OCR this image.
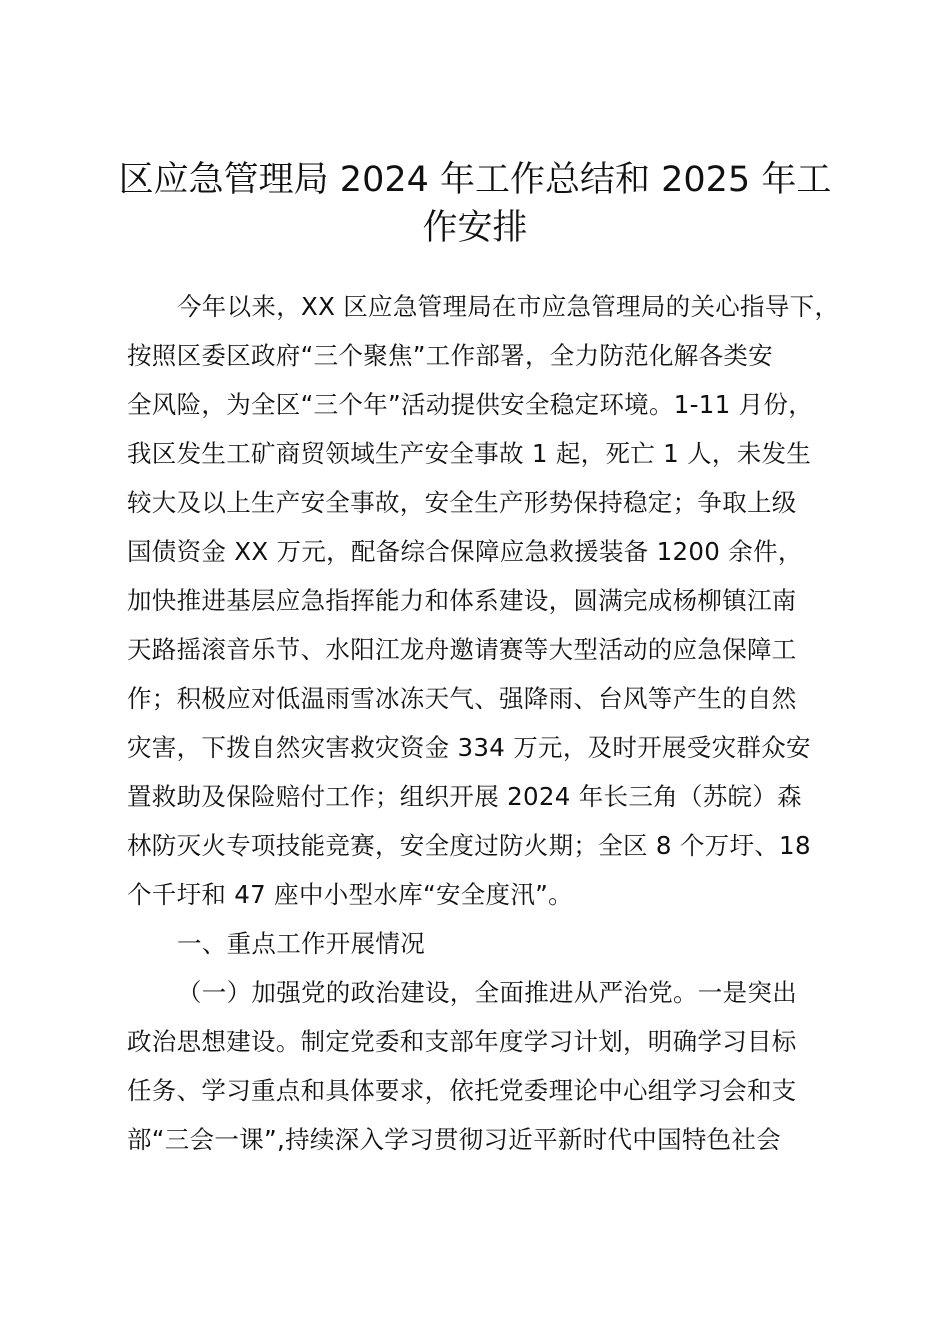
区应急管理局 2024 年工作总结和 2025 年工
作安排
今年以来，XX 区应急管理局在市应急管理局的关心指导下，
按照区委区政府“三个聚焦”工作部署，全力防范化解各类安
全风险，为全区“三个年”活动提供安全稳定环境。1-11 月份，
我区发生工矿商贸领域生产安全事故 1 起，死亡 1 人，未发生
较大及以上生产安全事故，安全生产形势保持稳定；争取上级
国债资金 XX 万元，配备综合保障应急救援装备 1200 余件，
加快推进基层应急指挥能力和体系建设，圆满完成杨柳镇江南
天路摇滚音乐节、水阳江龙舟邀请赛等大型活动的应急保障工
作；积极应对低温雨雪冰冻天气、强降雨、台风等产生的自然
灾害，下拨自然灾害救灾资金 334 万元，及时开展受灾群众安
置救助及保险赔付工作；组织开展 2024 年长三角（苏皖）森
林防灭火专项技能竞赛，安全度过防火期；全区 8 个万圩、18
个千圩和 47 座中小型水库“安全度汛”。
一、重点工作开展情况
（一）加强党的政治建设，全面推进从严治党。一是突出
政治思想建设。制定党委和支部年度学习计划，明确学习目标
任务、学习重点和具体要求，依托党委理论中心组学习会和支
部“三会一课”,持续深入学习贯彻习近平新时代中国特色社会
